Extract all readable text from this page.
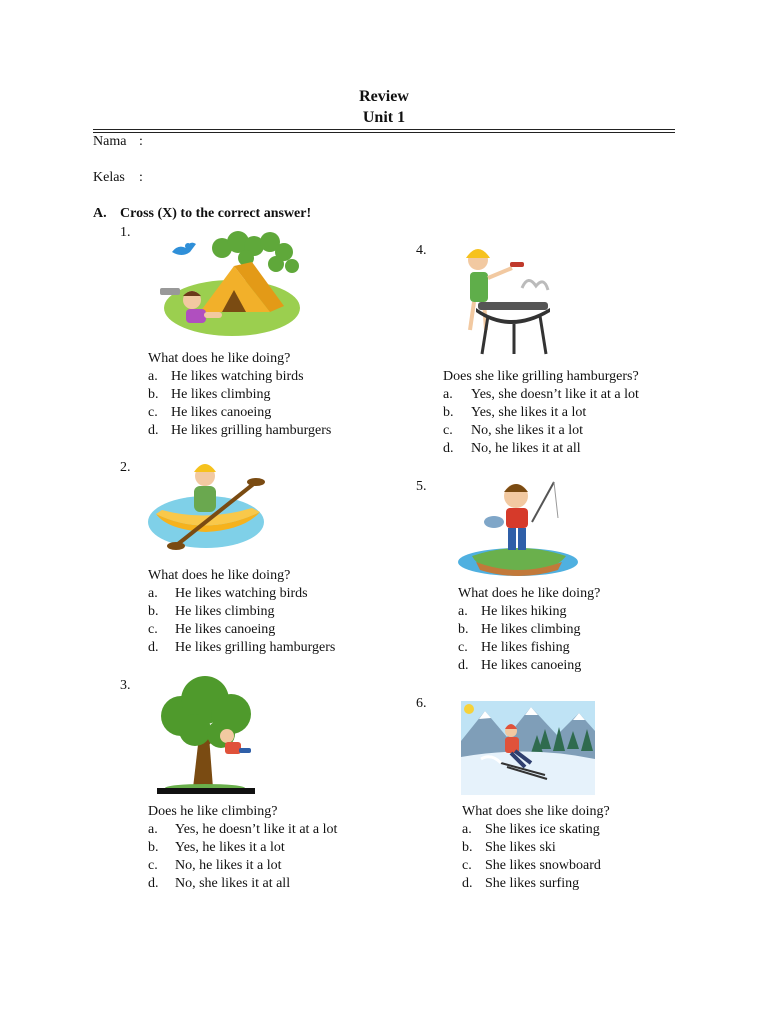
Review
Unit 1
Nama :
Kelas :
A. Cross (X) to the correct answer!
1.
What does he like doing?
a. He likes watching birds
b. He likes climbing
c. He likes canoeing
d. He likes grilling hamburgers
2.
What does he like doing?
a. He likes watching birds
b. He likes climbing
c. He likes canoeing
d. He likes grilling hamburgers
3.
Does he like climbing?
a. Yes, he doesn’t like it at a lot
b. Yes, he likes it a lot
c. No, he likes it a lot
d. No, she likes it at all
4.
Does she like grilling hamburgers?
a. Yes, she doesn’t like it at a lot
b. Yes, she likes it a lot
c. No, she likes it a lot
d. No, he likes it at all
5.
What does he like doing?
a. He likes hiking
b. He likes climbing
c. He likes fishing
d. He likes canoeing
6.
What does she like doing?
a. She likes ice skating
b. She likes ski
c. She likes snowboard
d. She likes surfing
